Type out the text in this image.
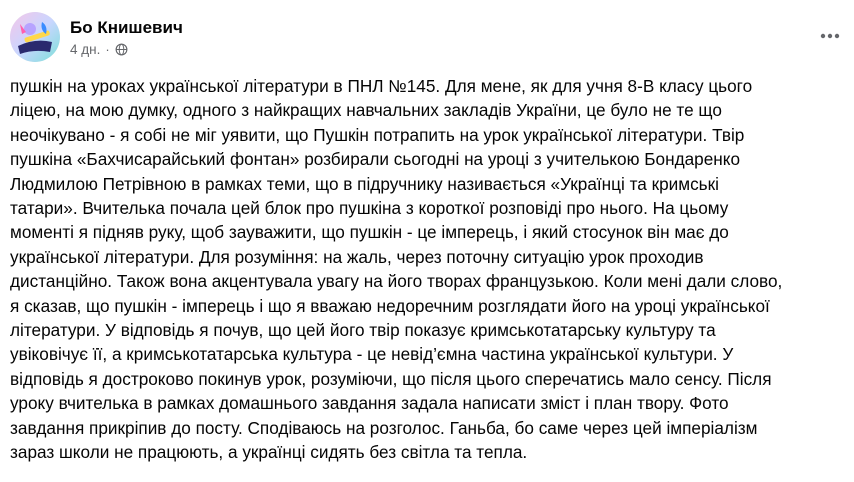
Бо Книшевич
4 дн. ·

пушкін на уроках української літератури в ПНЛ №145. Для мене, як для учня 8-В класу цього

ліцею, на мою думку, одного з найкращих навчальних закладів України, це було не те що

неочікувано - я собі не міг уявити, що Пушкін потрапить на урок української літератури. Твір

пушкіна «Бахчисарайський фонтан» розбирали сьогодні на уроці з учителькою Бондаренко

Людмилою Петрівною в рамках теми, що в підручнику називається «Українці та кримські

татари». Вчителька почала цей блок про пушкіна з короткої розповіді про нього. На цьому

моменті я підняв руку, щоб зауважити, що пушкін - це імперець, і який стосунок він має до

української літератури. Для розуміння: на жаль, через поточну ситуацію урок проходив

дистанційно. Також вона акцентувала увагу на його творах французькою. Коли мені дали слово,

я сказав, що пушкін - імперець і що я вважаю недоречним розглядати його на уроці української

літератури. У відповідь я почув, що цей його твір показує кримськотатарську культуру та

увіковічує її, а кримськотатарська культура - це невід’ємна частина української культури. У

відповідь я достроково покинув урок, розуміючи, що після цього сперечатись мало сенсу. Після

уроку вчителька в рамках домашнього завдання задала написати зміст і план твору. Фото

завдання прикріпив до посту. Сподіваюсь на розголос. Ганьба, бо саме через цей імперіалізм

зараз школи не працюють, а українці сидять без світла та тепла.
